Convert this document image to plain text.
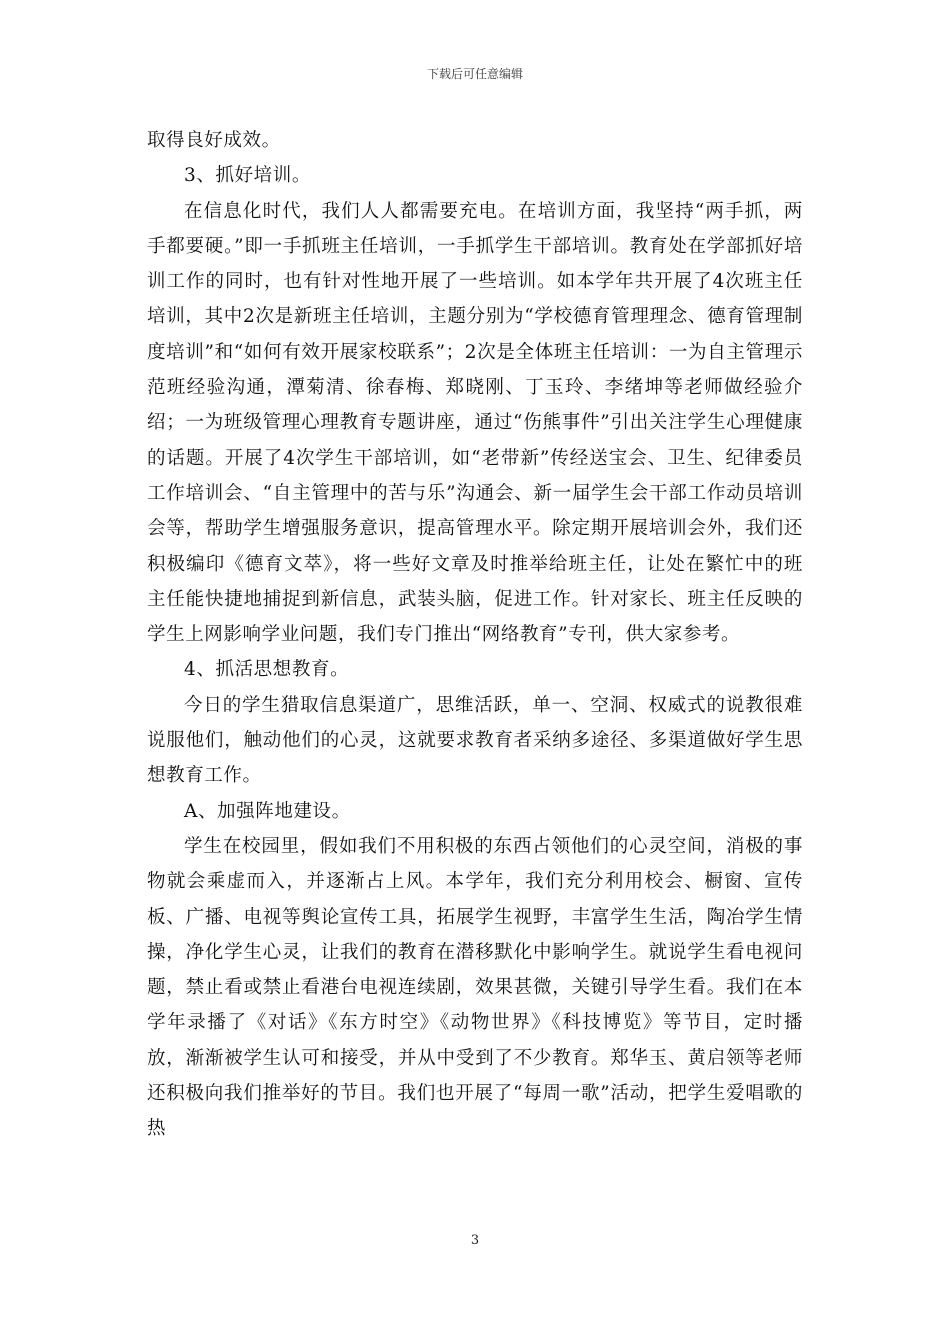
下载后可任意编辑

取得良好成效。

3、抓好培训。

在信息化时代，我们人人都需要充电。在培训方面，我坚持“两手抓，两手都要硬。”即一手抓班主任培训，一手抓学生干部培训。教育处在学部抓好培训工作的同时，也有针对性地开展了一些培训。如本学年共开展了4次班主任培训，其中2次是新班主任培训，主题分别为“学校德育管理理念、德育管理制度培训”和“如何有效开展家校联系”；2次是全体班主任培训：一为自主管理示范班经验沟通，潭菊清、徐春梅、郑晓刚、丁玉玲、李绪坤等老师做经验介绍；一为班级管理心理教育专题讲座，通过“伤熊事件”引出关注学生心理健康的话题。开展了4次学生干部培训，如“老带新”传经送宝会、卫生、纪律委员工作培训会、“自主管理中的苦与乐”沟通会、新一届学生会干部工作动员培训会等，帮助学生增强服务意识，提高管理水平。除定期开展培训会外，我们还积极编印《德育文萃》，将一些好文章及时推举给班主任，让处在繁忙中的班主任能快捷地捕捉到新信息，武装头脑，促进工作。针对家长、班主任反映的学生上网影响学业问题，我们专门推出“网络教育”专刊，供大家参考。

4、抓活思想教育。

今日的学生猎取信息渠道广，思维活跃，单一、空洞、权威式的说教很难说服他们，触动他们的心灵，这就要求教育者采纳多途径、多渠道做好学生思想教育工作。

A、加强阵地建设。

学生在校园里，假如我们不用积极的东西占领他们的心灵空间，消极的事物就会乘虚而入，并逐渐占上风。本学年，我们充分利用校会、橱窗、宣传板、广播、电视等舆论宣传工具，拓展学生视野，丰富学生生活，陶冶学生情操，净化学生心灵，让我们的教育在潜移默化中影响学生。就说学生看电视问题，禁止看或禁止看港台电视连续剧，效果甚微，关键引导学生看。我们在本学年录播了《对话》《东方时空》《动物世界》《科技博览》等节目，定时播放，渐渐被学生认可和接受，并从中受到了不少教育。郑华玉、黄启领等老师还积极向我们推举好的节目。我们也开展了“每周一歌”活动，把学生爱唱歌的热

3
